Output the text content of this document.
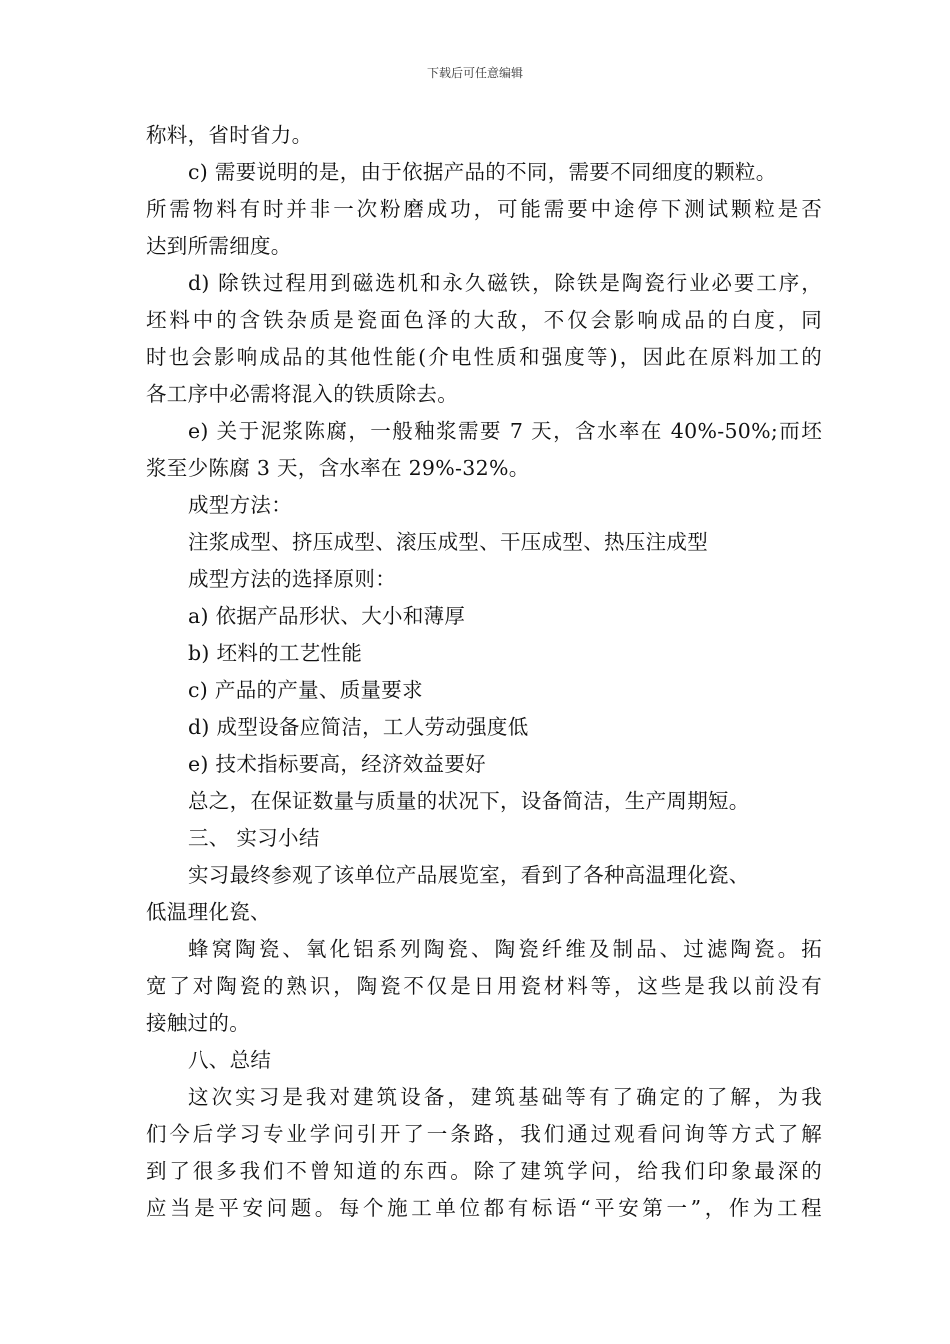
下载后可任意编辑
称料，省时省力。
c) 需要说明的是，由于依据产品的不同，需要不同细度的颗粒。
所需物料有时并非一次粉磨成功，可能需要中途停下测试颗粒是否
达到所需细度。
d) 除铁过程用到磁选机和永久磁铁，除铁是陶瓷行业必要工序，
坯料中的含铁杂质是瓷面色泽的大敌，不仅会影响成品的白度，同
时也会影响成品的其他性能(介电性质和强度等)，因此在原料加工的
各工序中必需将混入的铁质除去。
e) 关于泥浆陈腐，一般釉浆需要 7 天，含水率在 40%-50%;而坯
浆至少陈腐 3 天，含水率在 29%-32%。
成型方法：
注浆成型、挤压成型、滚压成型、干压成型、热压注成型
成型方法的选择原则：
a) 依据产品形状、大小和薄厚
b) 坯料的工艺性能
c) 产品的产量、质量要求
d) 成型设备应简洁，工人劳动强度低
e) 技术指标要高，经济效益要好
总之，在保证数量与质量的状况下，设备简洁，生产周期短。
三、 实习小结
实习最终参观了该单位产品展览室，看到了各种高温理化瓷、
低温理化瓷、
蜂窝陶瓷、氧化铝系列陶瓷、陶瓷纤维及制品、过滤陶瓷。拓
宽了对陶瓷的熟识，陶瓷不仅是日用瓷材料等，这些是我以前没有
接触过的。
八、总结
这次实习是我对建筑设备，建筑基础等有了确定的了解，为我
们今后学习专业学问引开了一条路，我们通过观看问询等方式了解
到了很多我们不曾知道的东西。除了建筑学问，给我们印象最深的
应当是平安问题。每个施工单位都有标语“平安第一”，作为工程
